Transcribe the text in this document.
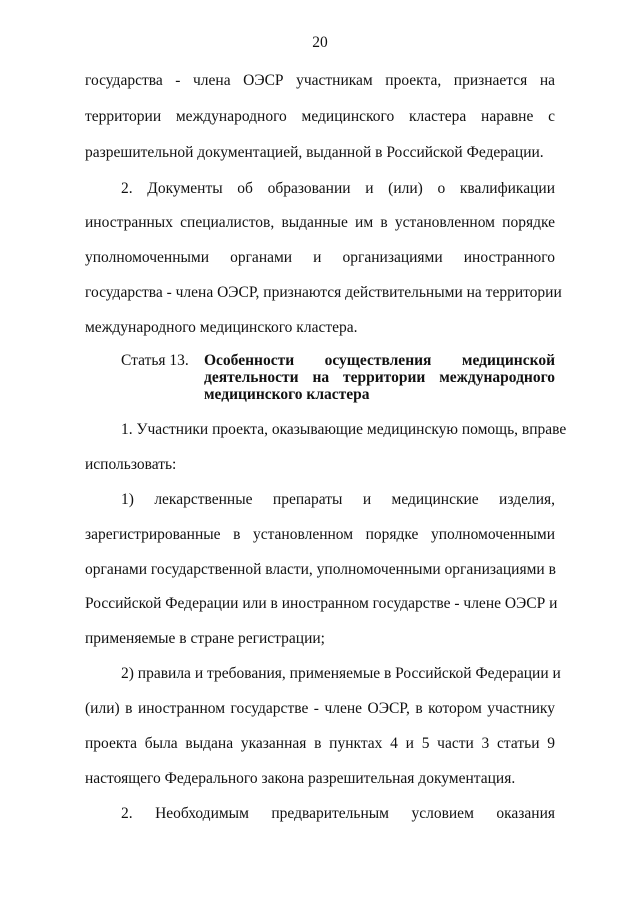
20
государства - члена ОЭСР участникам проекта, признается на
территории международного медицинского кластера наравне с
разрешительной документацией, выданной в Российской Федерации.
2. Документы об образовании и (или) о квалификации
иностранных специалистов, выданные им в установленном порядке
уполномоченными органами и организациями иностранного
государства - члена ОЭСР, признаются действительными на территории
международного медицинского кластера.
Статья 13. Особенности осуществления медицинской
деятельности на территории международного
медицинского кластера
1. Участники проекта, оказывающие медицинскую помощь, вправе
использовать:
1) лекарственные препараты и медицинские изделия,
зарегистрированные в установленном порядке уполномоченными
органами государственной власти, уполномоченными организациями в
Российской Федерации или в иностранном государстве - члене ОЭСР и
применяемые в стране регистрации;
2) правила и требования, применяемые в Российской Федерации и
(или) в иностранном государстве - члене ОЭСР, в котором участнику
проекта была выдана указанная в пунктах 4 и 5 части 3 статьи 9
настоящего Федерального закона разрешительная документация.
2. Необходимым предварительным условием оказания
